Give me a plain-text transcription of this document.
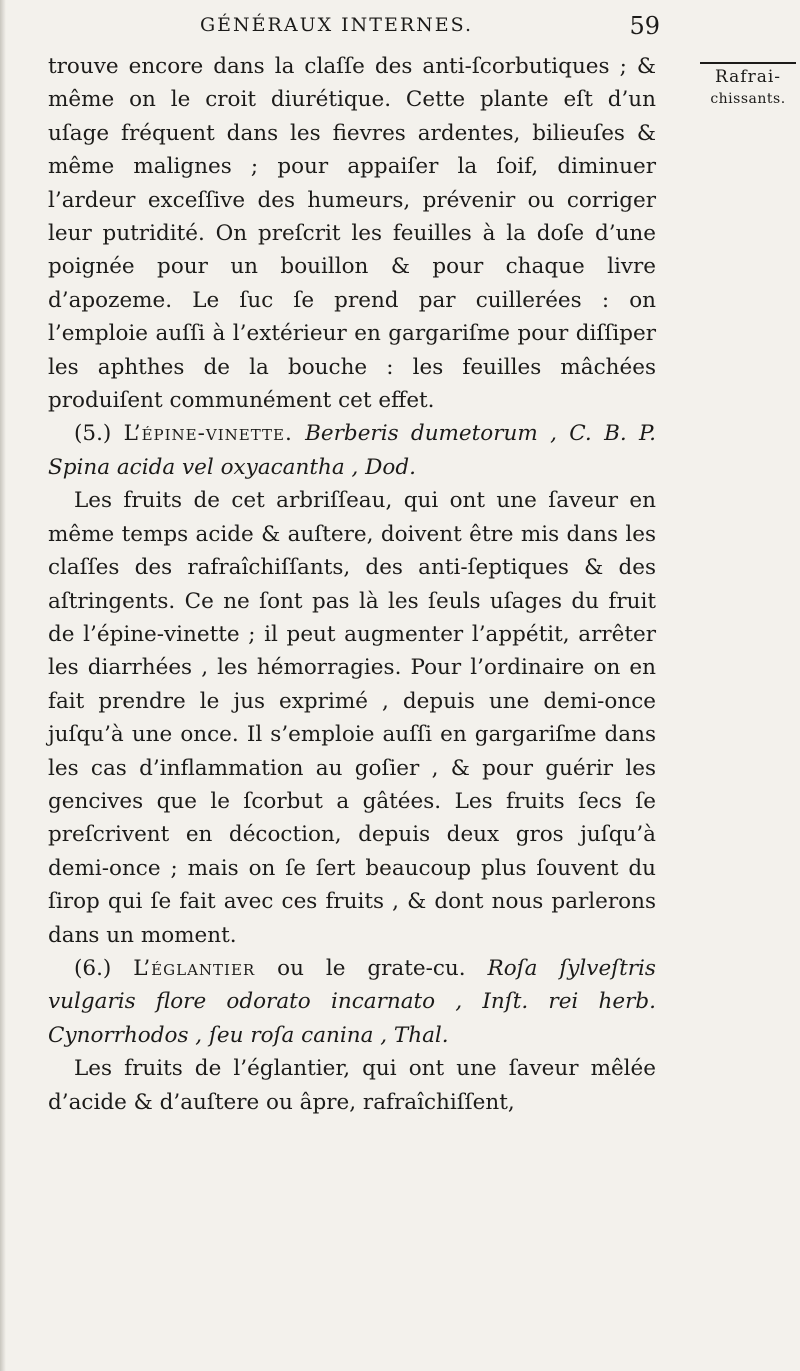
GÉNÉRAUX INTERNES.	59
Rafrai-
chissants.

trouve encore dans la claſſe des anti-ſcorbutiques ; & même on le croit diurétique. Cette plante eſt d’un uſage fréquent dans les fievres ardentes, bilieuſes & même malignes ; pour appaiſer la ſoif, diminuer l’ardeur exceſſive des humeurs, prévenir ou corriger leur putridité. On preſcrit les feuilles à la doſe d’une poignée pour un bouillon & pour chaque livre d’apozeme. Le ſuc ſe prend par cuillerées : on l’emploie auſſi à l’extérieur en gargariſme pour diſſiper les aphthes de la bouche : les feuilles mâchées produiſent communément cet effet.

(5.) L’épine-vinette. Berberis dumetorum , C. B. P. Spina acida vel oxyacantha , Dod.

Les fruits de cet arbriſſeau, qui ont une ſaveur en même temps acide & auſtere, doivent être mis dans les claſſes des rafraîchiſſants, des anti-ſeptiques & des aſtringents. Ce ne ſont pas là les ſeuls uſages du fruit de l’épine-vinette ; il peut augmenter l’appétit, arrêter les diarrhées , les hémorragies. Pour l’ordinaire on en fait prendre le jus exprimé , depuis une demi-once juſqu’à une once. Il s’emploie auſſi en gargariſme dans les cas d’inflammation au goſier , & pour guérir les gencives que le ſcorbut a gâtées. Les fruits ſecs ſe preſcrivent en décoction, depuis deux gros juſqu’à demi-once ; mais on ſe ſert beaucoup plus ſouvent du ſirop qui ſe fait avec ces fruits , & dont nous parlerons dans un moment.

(6.) L’églantier ou le grate-cu. Roſa ſylveſtris vulgaris flore odorato incarnato , Inſt. rei herb. Cynorrhodos , ſeu roſa canina , Thal.

Les fruits de l’églantier, qui ont une ſaveur mêlée d’acide & d’auſtere ou âpre, rafraîchiſſent,
